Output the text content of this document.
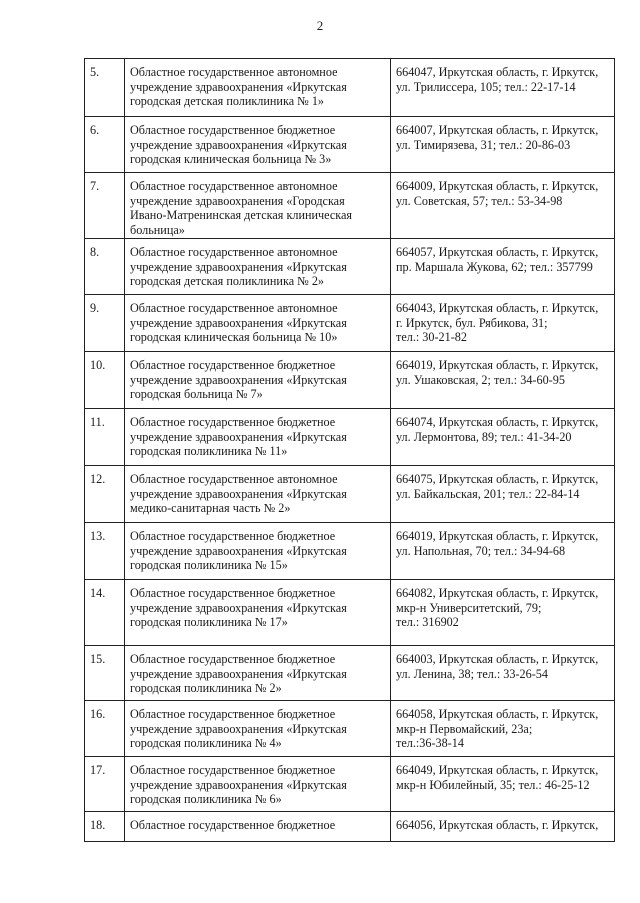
2
5.	Областное государственное автономное
учреждение здравоохранения «Иркутская
городская детская поликлиника № 1»	664047, Иркутская область, г. Иркутск,
ул. Трилиссера, 105; тел.: 22-17-14

6.	Областное государственное бюджетное
учреждение здравоохранения «Иркутская
городская клиническая больница № 3»	664007, Иркутская область, г. Иркутск,
ул. Тимирязева, 31; тел.: 20-86-03

7.	Областное государственное автономное
учреждение здравоохранения «Городская
Ивано-Матренинская детская клиническая
больница»	664009, Иркутская область, г. Иркутск,
ул. Советская, 57; тел.: 53-34-98

8.	Областное государственное автономное
учреждение здравоохранения «Иркутская
городская детская поликлиника № 2»	664057, Иркутская область, г. Иркутск,
пр. Маршала Жукова, 62; тел.: 357799

9.	Областное государственное автономное
учреждение здравоохранения «Иркутская
городская клиническая больница № 10»	664043, Иркутская область, г. Иркутск,
г. Иркутск, бул. Рябикова, 31;
тел.: 30-21-82

10.	Областное государственное бюджетное
учреждение здравоохранения «Иркутская
городская больница № 7»	664019, Иркутская область, г. Иркутск,
ул. Ушаковская, 2; тел.: 34-60-95

11.	Областное государственное бюджетное
учреждение здравоохранения «Иркутская
городская поликлиника № 11»	664074, Иркутская область, г. Иркутск,
ул. Лермонтова, 89; тел.: 41-34-20

12.	Областное государственное автономное
учреждение здравоохранения «Иркутская
медико-санитарная часть № 2»	664075, Иркутская область, г. Иркутск,
ул. Байкальская, 201; тел.: 22-84-14

13.	Областное государственное бюджетное
учреждение здравоохранения «Иркутская
городская поликлиника № 15»	664019, Иркутская область, г. Иркутск,
ул. Напольная, 70; тел.: 34-94-68

14.	Областное государственное бюджетное
учреждение здравоохранения «Иркутская
городская поликлиника № 17»	664082, Иркутская область, г. Иркутск,
мкр-н Университетский, 79;
тел.: 316902

15.	Областное государственное бюджетное
учреждение здравоохранения «Иркутская
городская поликлиника № 2»	664003, Иркутская область, г. Иркутск,
ул. Ленина, 38; тел.: 33-26-54

16.	Областное государственное бюджетное
учреждение здравоохранения «Иркутская
городская поликлиника № 4»	664058, Иркутская область, г. Иркутск,
мкр-н Первомайский, 23а;
тел.:36-38-14

17.	Областное государственное бюджетное
учреждение здравоохранения «Иркутская
городская поликлиника № 6»	664049, Иркутская область, г. Иркутск,
мкр-н Юбилейный, 35; тел.: 46-25-12

18.	Областное государственное бюджетное	664056, Иркутская область, г. Иркутск,
